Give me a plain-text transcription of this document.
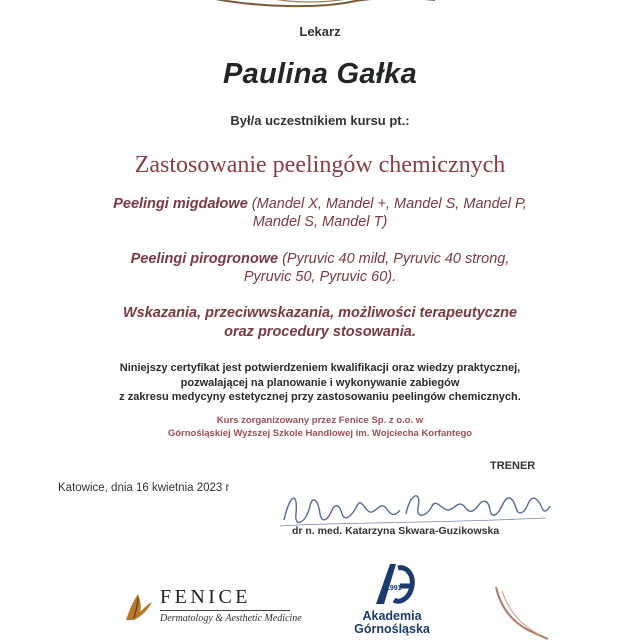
Lekarz
Paulina Gałka
Był/a uczestnikiem kursu pt.:
Zastosowanie peelingów chemicznych
Peelingi migdałowe (Mandel X, Mandel +, Mandel S, Mandel P,
Mandel S, Mandel T)
Peelingi pirogronowe (Pyruvic 40 mild, Pyruvic 40 strong,
Pyruvic 50, Pyruvic 60).
Wskazania, przeciwwskazania, możliwości terapeutyczne
oraz procedury stosowania.
Niniejszy certyfikat jest potwierdzeniem kwalifikacji oraz wiedzy praktycznej,
pozwalającej na planowanie i wykonywanie zabiegów
z zakresu medycyny estetycznej przy zastosowaniu peelingów chemicznych.
Kurs zorganizowany przez Fenice Sp. z o.o. w
Górnośląskiej Wyższej Szkole Handlowej im. Wojciecha Korfantego
Katowice, dnia 16 kwietnia 2023 r
TRENER
dr n. med. Katarzyna Skwara-Guzikowska
FENICE
Dermatology & Aesthetic Medicine
1991
Akademia
Górnośląska
